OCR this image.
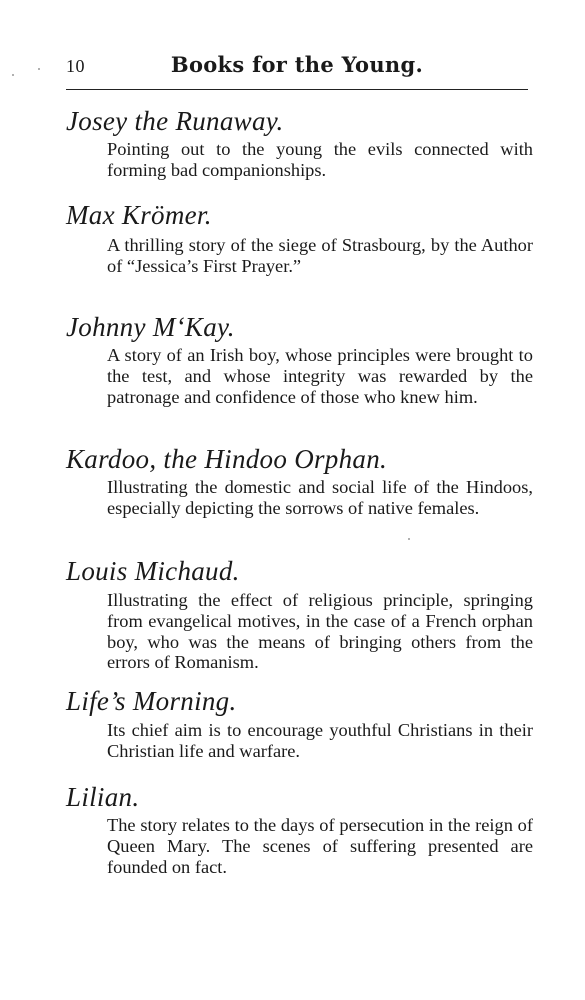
10	Books for the Young.
Josey the Runaway.
Pointing out to the young the evils connected with forming bad companionships.
Max Krömer.
A thrilling story of the siege of Strasbourg, by the Author of “Jessica’s First Prayer.”
Johnny M‘Kay.
A story of an Irish boy, whose principles were brought to the test, and whose integrity was rewarded by the patronage and confidence of those who knew him.
Kardoo, the Hindoo Orphan.
Illustrating the domestic and social life of the Hindoos, especially depicting the sorrows of native females.
Louis Michaud.
Illustrating the effect of religious principle, springing from evangelical motives, in the case of a French orphan boy, who was the means of bringing others from the errors of Romanism.
Life’s Morning.
Its chief aim is to encourage youthful Christians in their Christian life and warfare.
Lilian.
The story relates to the days of persecution in the reign of Queen Mary. The scenes of suffering presented are founded on fact.
